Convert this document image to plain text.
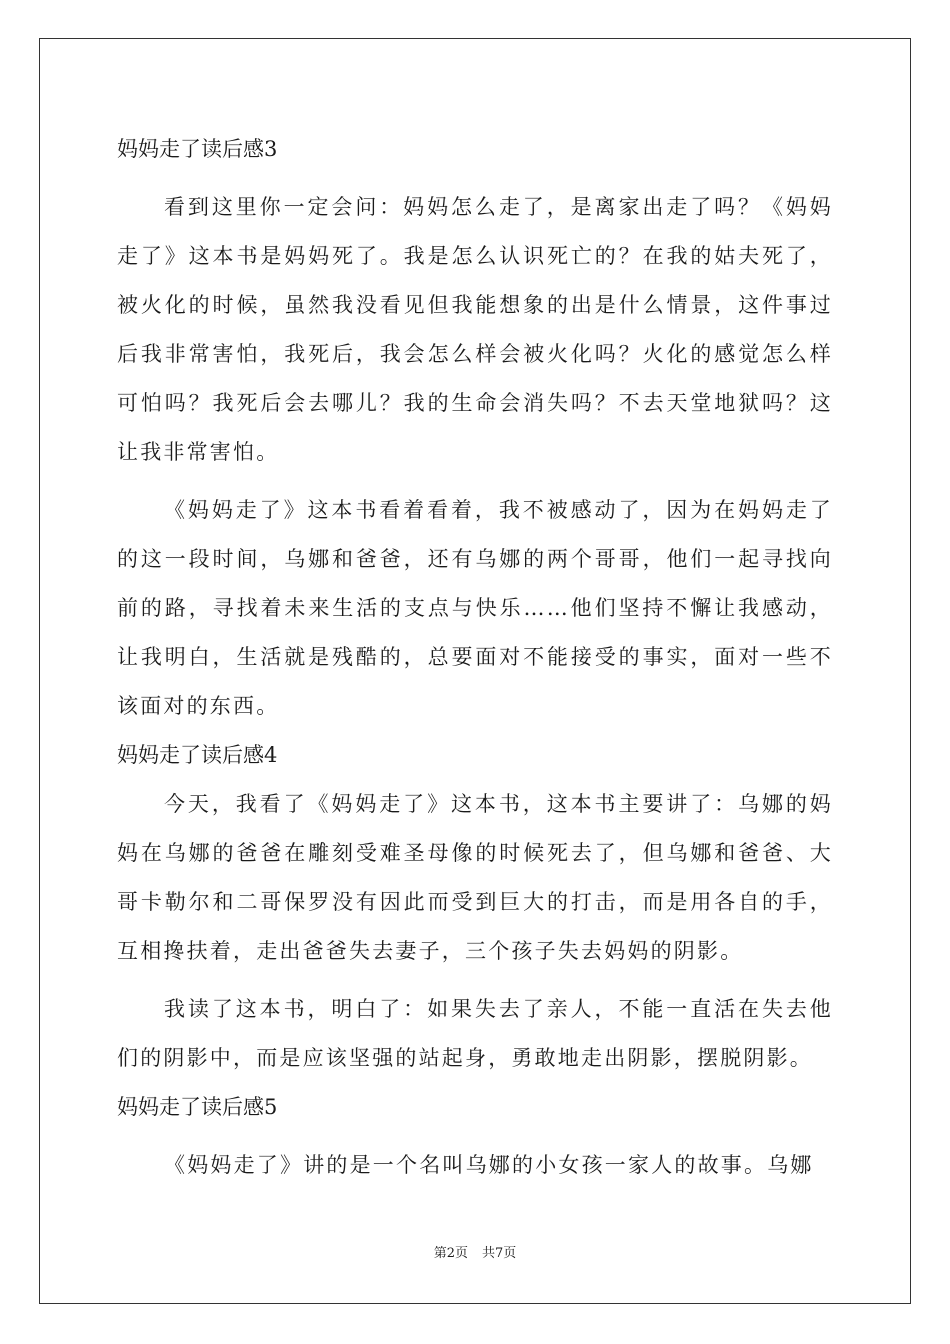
妈妈走了读后感3

看到这里你一定会问：妈妈怎么走了，是离家出走了吗？《妈妈走了》这本书是妈妈死了。我是怎么认识死亡的？在我的姑夫死了，被火化的时候，虽然我没看见但我能想象的出是什么情景，这件事过后我非常害怕，我死后，我会怎么样会被火化吗？火化的感觉怎么样可怕吗？我死后会去哪儿？我的生命会消失吗？不去天堂地狱吗？这让我非常害怕。

《妈妈走了》这本书看着看着，我不被感动了，因为在妈妈走了的这一段时间，乌娜和爸爸，还有乌娜的两个哥哥，他们一起寻找向前的路，寻找着未来生活的支点与快乐……他们坚持不懈让我感动，让我明白，生活就是残酷的，总要面对不能接受的事实，面对一些不该面对的东西。

妈妈走了读后感4

今天，我看了《妈妈走了》这本书，这本书主要讲了：乌娜的妈妈在乌娜的爸爸在雕刻受难圣母像的时候死去了，但乌娜和爸爸、大哥卡勒尔和二哥保罗没有因此而受到巨大的打击，而是用各自的手，互相搀扶着，走出爸爸失去妻子，三个孩子失去妈妈的阴影。

我读了这本书，明白了：如果失去了亲人，不能一直活在失去他们的阴影中，而是应该坚强的站起身，勇敢地走出阴影，摆脱阴影。

妈妈走了读后感5

《妈妈走了》讲的是一个名叫乌娜的小女孩一家人的故事。乌娜

第2页 共7页
